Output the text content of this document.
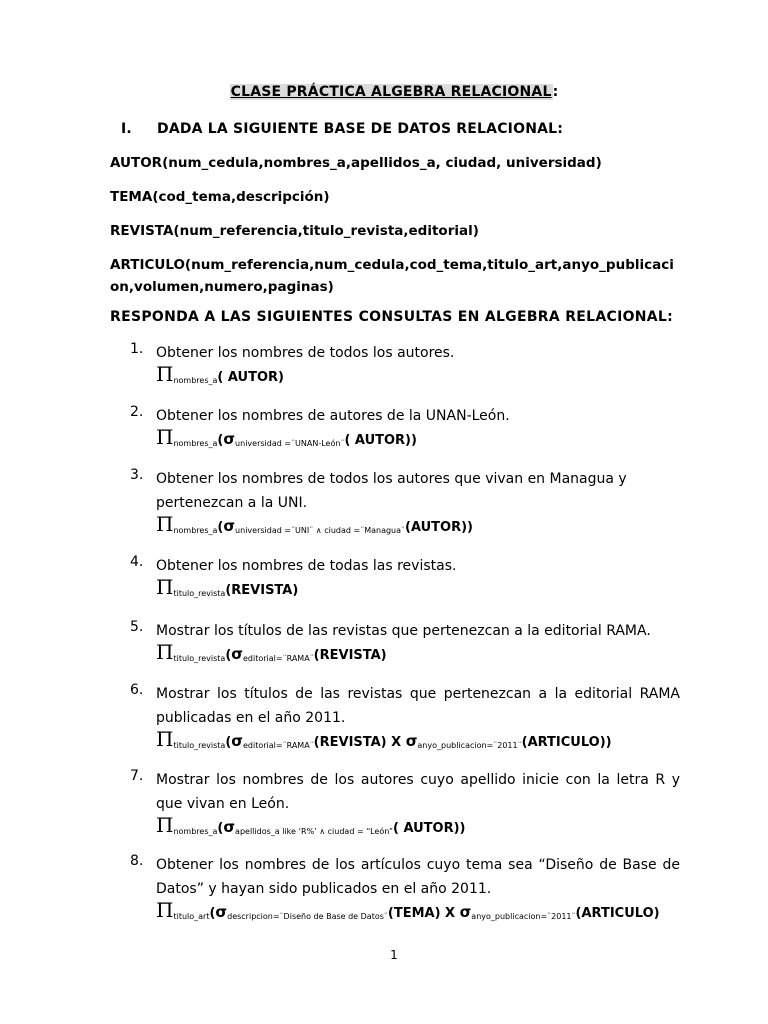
CLASE PRÁCTICA ALGEBRA RELACIONAL:
I. DADA LA SIGUIENTE BASE DE DATOS RELACIONAL:
AUTOR(num_cedula,nombres_a,apellidos_a, ciudad, universidad)
TEMA(cod_tema,descripción)
REVISTA(num_referencia,titulo_revista,editorial)
ARTICULO(num_referencia,num_cedula,cod_tema,titulo_art,anyo_publicacion,volumen,numero,paginas)
RESPONDA A LAS SIGUIENTES CONSULTAS EN ALGEBRA RELACIONAL:
1. Obtener los nombres de todos los autores.
$\Pi_{nombres\_a}$( AUTOR)
2. Obtener los nombres de autores de la UNAN-León.
$\Pi_{nombres\_a}(\sigma_{universidad =¨UNAN-León¨}$( AUTOR))
3. Obtener los nombres de todos los autores que vivan en Managua y pertenezcan a la UNI.
$\Pi_{nombres\_a}(\sigma_{universidad =¨UNI¨ \wedge ciudad =¨Managua¨}(AUTOR))$
4. Obtener los nombres de todas las revistas.
$\Pi_{titulo\_revista}(REVISTA)$
5. Mostrar los títulos de las revistas que pertenezcan a la editorial RAMA.
$\Pi_{titulo\_revista}(\sigma_{editorial=¨RAMA¨}(REVISTA)$
6. Mostrar los títulos de las revistas que pertenezcan a la editorial RAMA publicadas en el año 2011.
$\Pi_{titulo\_revista}(\sigma_{editorial=¨RAMA¨}(REVISTA)$ X $\sigma_{anyo\_publicacion=¨2011¨}(ARTICULO)$)
7. Mostrar los nombres de los autores cuyo apellido inicie con la letra R y que vivan en León.
$\Pi_{nombres\_a}(\sigma_{apellidos\_a like ‘R\%’ \wedge ciudad = “León”}$( AUTOR))
8. Obtener los nombres de los artículos cuyo tema sea “Diseño de Base de Datos” y hayan sido publicados en el año 2011.
$\Pi_{titulo\_art}(\sigma_{descripcion=¨Diseño de Base de Datos¨}(TEMA)$ X $\sigma_{anyo\_publicacion=¨2011¨}(ARTICULO)$
1
